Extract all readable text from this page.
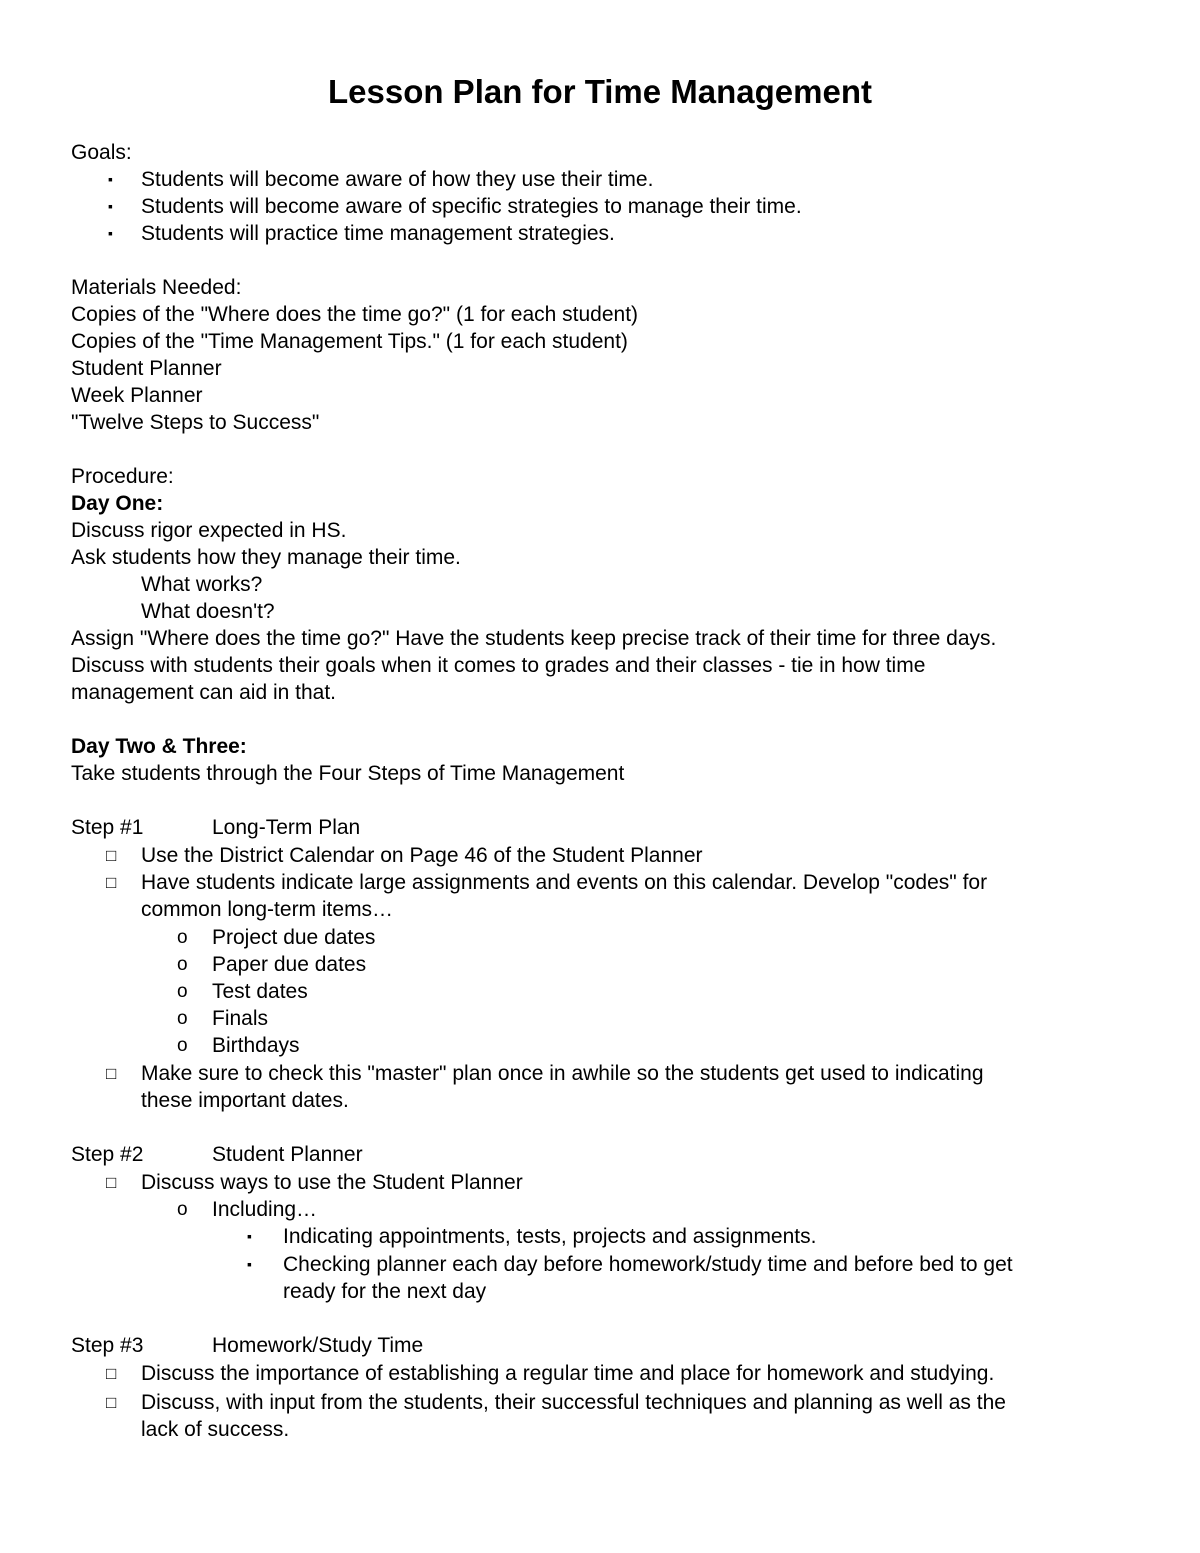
Lesson Plan for Time Management
Goals:
▪ Students will become aware of how they use their time.
▪ Students will become aware of specific strategies to manage their time.
▪ Students will practice time management strategies.
Materials Needed:
Copies of the "Where does the time go?" (1 for each student)
Copies of the "Time Management Tips." (1 for each student)
Student Planner
Week Planner
"Twelve Steps to Success"
Procedure:
Day One:
Discuss rigor expected in HS.
Ask students how they manage their time.
What works?
What doesn't?
Assign "Where does the time go?" Have the students keep precise track of their time for three days.
Discuss with students their goals when it comes to grades and their classes - tie in how time
management can aid in that.
Day Two & Three:
Take students through the Four Steps of Time Management
Step #1	Long-Term Plan
□ Use the District Calendar on Page 46 of the Student Planner
□ Have students indicate large assignments and events on this calendar. Develop "codes" for
common long-term items…
o Project due dates
o Paper due dates
o Test dates
o Finals
o Birthdays
□ Make sure to check this "master" plan once in awhile so the students get used to indicating
these important dates.
Step #2	Student Planner
□ Discuss ways to use the Student Planner
o Including…
▪ Indicating appointments, tests, projects and assignments.
▪ Checking planner each day before homework/study time and before bed to get
ready for the next day
Step #3	Homework/Study Time
□ Discuss the importance of establishing a regular time and place for homework and studying.
□ Discuss, with input from the students, their successful techniques and planning as well as the
lack of success.
